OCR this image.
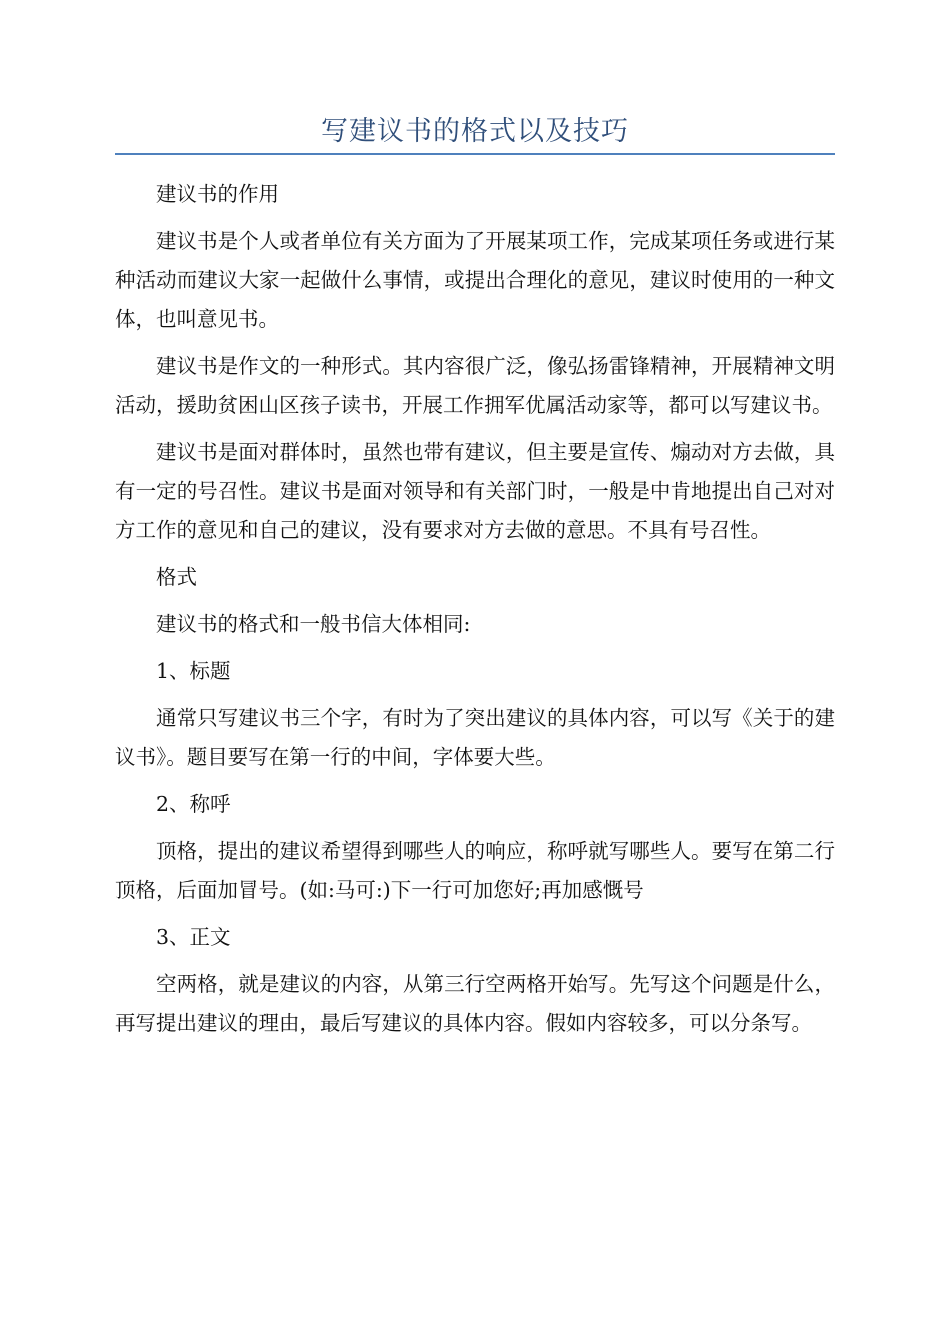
写建议书的格式以及技巧

建议书的作用

建议书是个人或者单位有关方面为了开展某项工作，完成某项任务或进行某种活动而建议大家一起做什么事情，或提出合理化的意见，建议时使用的一种文体，也叫意见书。

建议书是作文的一种形式。其内容很广泛，像弘扬雷锋精神，开展精神文明活动，援助贫困山区孩子读书，开展工作拥军优属活动家等，都可以写建议书。

建议书是面对群体时，虽然也带有建议，但主要是宣传、煽动对方去做，具有一定的号召性。建议书是面对领导和有关部门时，一般是中肯地提出自己对对方工作的意见和自己的建议，没有要求对方去做的意思。不具有号召性。

格式

建议书的格式和一般书信大体相同:

1、标题

通常只写建议书三个字，有时为了突出建议的具体内容，可以写《关于的建议书》。题目要写在第一行的中间，字体要大些。

2、称呼

顶格，提出的建议希望得到哪些人的响应，称呼就写哪些人。要写在第二行顶格，后面加冒号。(如:马可:)下一行可加您好;再加感慨号

3、正文

空两格，就是建议的内容，从第三行空两格开始写。先写这个问题是什么，再写提出建议的理由，最后写建议的具体内容。假如内容较多，可以分条写。
